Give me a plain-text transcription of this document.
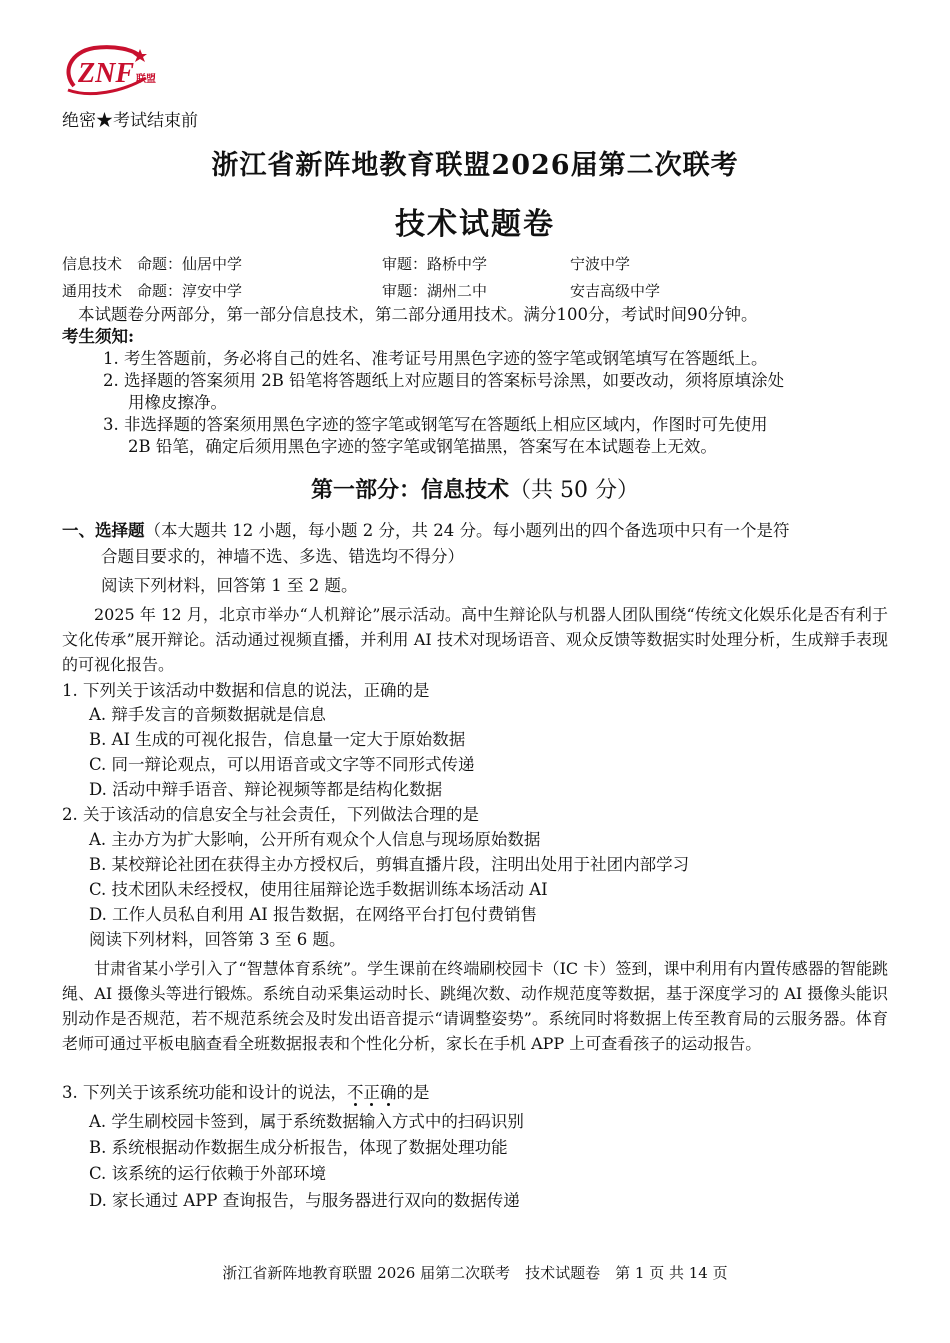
ZNF 联盟
绝密★考试结束前
浙江省新阵地教育联盟2026届第二次联考
技术试题卷
信息技术 命题：仙居中学	审题：路桥中学	宁波中学
通用技术 命题：淳安中学	审题：湖州二中	安吉高级中学
本试题卷分两部分，第一部分信息技术，第二部分通用技术。满分100分，考试时间90分钟。
考生须知:
1. 考生答题前，务必将自己的姓名、准考证号用黑色字迹的签字笔或钢笔填写在答题纸上。
2. 选择题的答案须用 2B 铅笔将答题纸上对应题目的答案标号涂黑，如要改动，须将原填涂处
用橡皮擦净。
3. 非选择题的答案须用黑色字迹的签字笔或钢笔写在答题纸上相应区域内，作图时可先使用
2B 铅笔，确定后须用黑色字迹的签字笔或钢笔描黑，答案写在本试题卷上无效。
第一部分：信息技术（共 50 分）
一、选择题（本大题共 12 小题，每小题 2 分，共 24 分。每小题列出的四个备选项中只有一个是符
合题目要求的，神墙不选、多选、错选均不得分）
阅读下列材料，回答第 1 至 2 题。
2025 年 12 月，北京市举办“人机辩论”展示活动。高中生辩论队与机器人团队围绕“传统文化娱乐化是否有利于文化传承”展开辩论。活动通过视频直播，并利用 AI 技术对现场语音、观众反馈等数据实时处理分析，生成辩手表现的可视化报告。
1. 下列关于该活动中数据和信息的说法，正确的是
A. 辩手发言的音频数据就是信息
B. AI 生成的可视化报告，信息量一定大于原始数据
C. 同一辩论观点，可以用语音或文字等不同形式传递
D. 活动中辩手语音、辩论视频等都是结构化数据
2. 关于该活动的信息安全与社会责任，下列做法合理的是
A. 主办方为扩大影响，公开所有观众个人信息与现场原始数据
B. 某校辩论社团在获得主办方授权后，剪辑直播片段，注明出处用于社团内部学习
C. 技术团队未经授权，使用往届辩论选手数据训练本场活动 AI
D. 工作人员私自利用 AI 报告数据，在网络平台打包付费销售
阅读下列材料，回答第 3 至 6 题。
甘肃省某小学引入了“智慧体育系统”。学生课前在终端刷校园卡（IC 卡）签到，课中利用有内置传感器的智能跳绳、AI 摄像头等进行锻炼。系统自动采集运动时长、跳绳次数、动作规范度等数据，基于深度学习的 AI 摄像头能识别动作是否规范，若不规范系统会及时发出语音提示“请调整姿势”。系统同时将数据上传至教育局的云服务器。体育老师可通过平板电脑查看全班数据报表和个性化分析，家长在手机 APP 上可查看孩子的运动报告。
3. 下列关于该系统功能和设计的说法，不正确的是
A. 学生刷校园卡签到，属于系统数据输入方式中的扫码识别
B. 系统根据动作数据生成分析报告，体现了数据处理功能
C. 该系统的运行依赖于外部环境
D. 家长通过 APP 查询报告，与服务器进行双向的数据传递
浙江省新阵地教育联盟 2026 届第二次联考　技术试题卷　第 1 页 共 14 页
